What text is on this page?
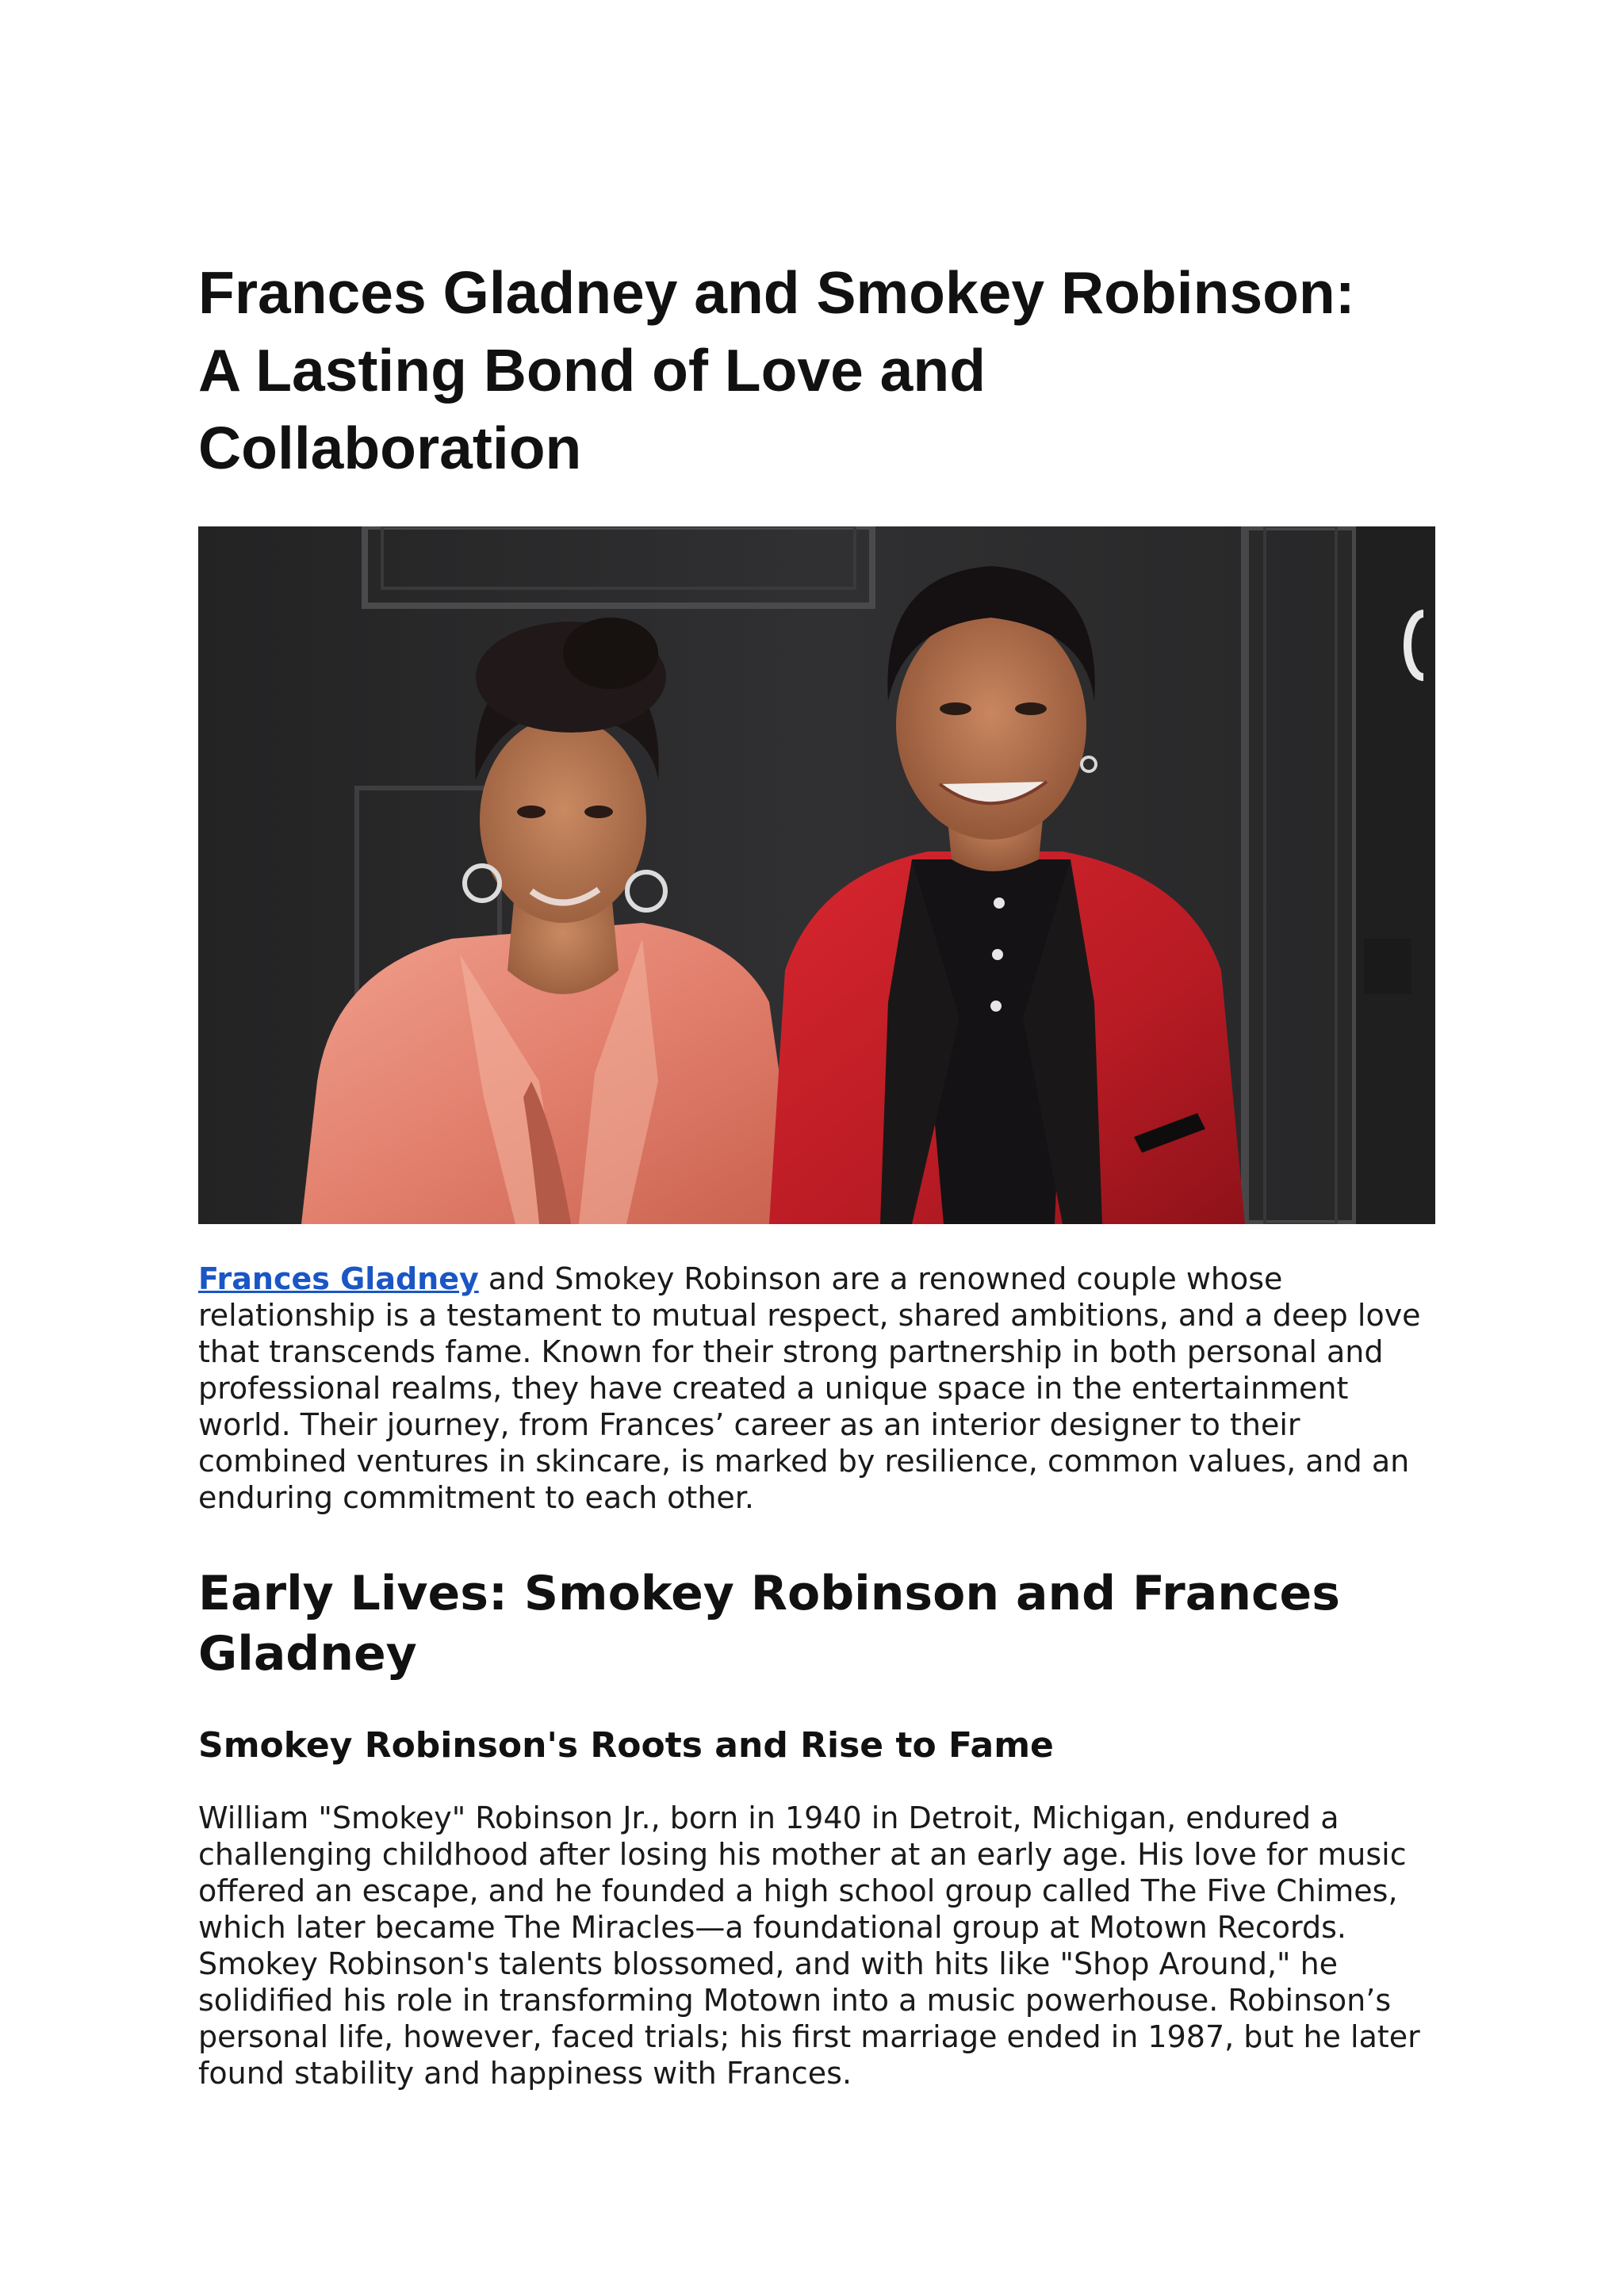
Frances Gladney and Smokey Robinson:
A Lasting Bond of Love and
Collaboration

Frances Gladney and Smokey Robinson are a renowned couple whose relationship is a testament to mutual respect, shared ambitions, and a deep love that transcends fame. Known for their strong partnership in both personal and professional realms, they have created a unique space in the entertainment world. Their journey, from Frances’ career as an interior designer to their combined ventures in skincare, is marked by resilience, common values, and an enduring commitment to each other.

Early Lives: Smokey Robinson and Frances Gladney
Smokey Robinson's Roots and Rise to Fame

William "Smokey" Robinson Jr., born in 1940 in Detroit, Michigan, endured a challenging childhood after losing his mother at an early age. His love for music offered an escape, and he founded a high school group called The Five Chimes, which later became The Miracles—a foundational group at Motown Records. Smokey Robinson's talents blossomed, and with hits like "Shop Around," he solidified his role in transforming Motown into a music powerhouse. Robinson’s personal life, however, faced trials; his first marriage ended in 1987, but he later found stability and happiness with Frances.
